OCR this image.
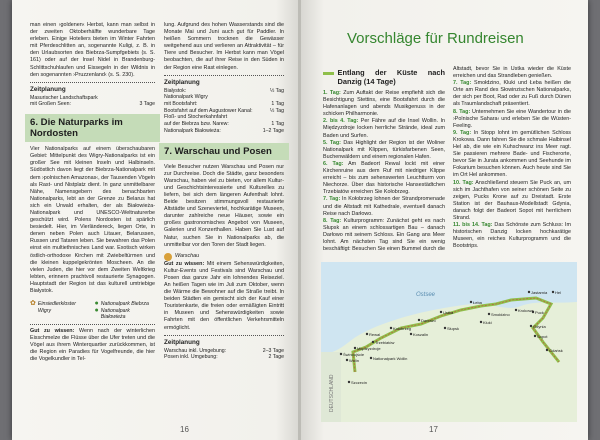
man einen ›goldenen‹ Herbst, kann man selbst in der zweiten Oktoberhälfte wunderbare Tage erleben. Einige Hoteliers bieten im Winter Fahrten mit Pferdeschlitten an, sogenannte Kuligi, z. B. in den Urlaubsorten des Biebrza-Sumpfgebiets (s. S. 161) oder auf der Insel Nidel in Brandenburg-Schlittschuhlaufen und Eissegeln in der Wildnis in den sogenannten ›Pruzzenland‹ (s. S. 230).

Zeitplanung
Masurischer Landschaftspark
mit Großen Seen:	3 Tage
6. Die Naturparks im Nordosten

Vier Nationalparks auf einem überschaubaren Gebiet: Mittelpunkt des Wigry-Nationalparks ist ein großer See mit kleinen Inseln und Halbinseln. Südöstlich davon liegt der Biebrza-Nationalpark mit dem ›polnischen Amazonas‹, der Tausenden Vögeln als Rast- und Nistplatz dient. In ganz unmittelbarer Nähe, Namensgebern des benachbarten Nationalparks, lebt an der Grenze zu Belarus hat sich ein Urwald erhalten, der als Białowieża-Nationalpark und UNESCO-Weltnaturerbe geschützt wird. Polens Nordosten ist spärlich besiedelt. Hier, im Vierländereck, liegen Orte, in denen neben Polen auch Litauer, Belarussen, Russen und Tataren leben. Sie bewahren das Polen einst ein multiethnisches Land war. Exotisch wirken östlich-orthodoxe Kirchen mit Zwiebeltürmen und die kleinen kuppelgekrönten Moscheen. An die vielen Juden, die hier vor dem Zweiten Weltkrieg lebten, erinnern prachtvoll restaurierte Synagogen. Hauptstadt der Region ist das kulturell umtriebige Białystok.

✿ Einsiedlerkloster Wigry
● Nationalpark Biebrza
● Nationalpark Białowieża

Gut zu wissen: Wenn nach der winterlichen Eisschmelze die Flüsse über die Ufer treten und die Vögel aus ihrem Winterquartier zurückkommen, ist die Region ein Paradies für Vogelfreunde, die hier die Vogelkundler in Tel-

lung. Aufgrund des hohen Wasserstands sind die Monate Mai und Juni auch gut für Paddler. In heißen Sommern trocknen die Gewässer weitgehend aus und verlieren an Attraktivität – für Tiere und Besucher. Im Herbst kann man Vögel beobachten, die auf ihrer Reise in den Süden in der Region eine Rast einlegen.

Zeitplanung
Białystok:	½ Tag
Nationalpark Wigry
mit Bootsfahrt:	1 Tag
Bootsfahrt auf dem Augustower Kanal:	½ Tag
Floß- und Stocherkahnfahrt
auf der Biebrza bzw. Narew:	1 Tag
Nationalpark Białowieża:	1–2 Tage
7. Warschau und Posen

Viele Besucher nutzen Warschau und Posen nur zur Durchreise. Doch die Städte, ganz besonders Warschau, haben viel zu bieten, vor allem Kultur- und Geschichtsinteressierte und Kulturelles zu liefern, bei sich dem längeren Aufenthalt lohnt. Beide besitzen stimmungsvoll restaurierte Altstädte und Szeneviertel, hochkarätige Museen, darunter zahlreiche neue Häuser, sowie ein großes gastronomisches Angebot von Museen, Galerien und Konzerthallen. Haben Sie Lust auf Natur, suchen Sie in Nationalparks ab, die unmittelbar vor den Toren der Stadt liegen.

Warschau

Gut zu wissen: Mit einem Sehenswürdigkeiten, Kultur-Events und Festivals sind Warschau und Posen das ganze Jahr ein lohnendes Reiseziel. An heißen Tagen wie im Juli zum Oktober, wenn die Wärme die Bewohner auf die Straße treibt. In beiden Städten ein gemischt sich der Kauf einer Touristenkarte, die freien oder ermäßigten Eintritt in Museen und Sehenswürdigkeiten sowie Fahrten mit den öffentlichen Verkehrsmitteln ermöglicht.

Zeitplanung
Warschau inkl. Umgebung:	2–3 Tage
Posen inkl. Umgebung:	2 Tage
16
Vorschläge für Rundreisen
Entlang der Küste nach Danzig (14 Tage)

1. Tag: Zum Auftakt der Reise empfiehlt sich die Besichtigung Stettins, eine Bootsfahrt durch die Hafenanlagen und abends Musikgenuss in der schicken Philharmonie.

2. bis 4. Tag: Per Fähre auf die Insel Wollin. In Międzyzdroje locken herrliche Strände, ideal zum Baden und Surfen.

5. Tag: Das Highlight der Region ist der Woliner Nationalpark mit Klippen, türkisfarbenen Seen, Buchenwäldern und einem regionalen Hafen.

6. Tag: Am Badeort Rewal lockt mit einer Kirchenruine aus dem Ruf mit niedriger Klippe erreicht – bis zum sehenswerten Leuchtturm von Niechorze. Über das historische Hansestädtchen Trzebiatów erreichen Sie Kołobrzeg.

7. Tag: In Kołobrzeg lohnen der Strandpromenade und die Altstadt mit Kathedrale, eventuell danach Reise nach Darłowo.

8. Tag: Kulturprogramm: Zunächst geht es nach Słupsk an einem schlossartigen Bau – danach Darłowo mit seinem Schloss. Ein Gang ans Meer lohnt. Am nächsten Tag sind Sie ein wenig beschäftigt: Besuchen Sie einen Bummel durch die

Altstadt, bevor Sie in Ustka wieder die Küste erreichen und das Strandleben genießen.

7. Tag: Smołdzino, Kluki und Łeba heißen die Orte am Rand des Słowinzischen Nationalparks, der sich per Boot, Rad oder zu Fuß durch Dünen als Traumlandschaft präsentiert.

8. Tag: Unternehmen Sie eine Wandertour in die ›Polnische Sahara‹ und erleben Sie die Wüsten-Feeling.

9. Tag: In Stopp lohnt im gemütlichen Schloss Krokowa. Dann fahren Sie die schmale Halbinsel Hel ab, die wie ein Kuhschwanz ins Meer ragt. Sie passieren mehrere Bade- und Fischerorte, bevor Sie in Jurata ankommen und Seehunde im Fokarium besuchen können. Auch heute sind Sie im Ort Hel ankommen.

10. Tag: Anschließend steuern Sie Puck an, um sich im Jachthafen von seiner schönen Seite zu zeigen, Pucks Krone auf zu Dreistadt. Erste Station ist der Bauhaus-Modellstadt Gdynia, danach folgt der Badeort Sopot mit herrlichem Strand.

11. bis 14. Tag: Das Schönste zum Schluss: Im historischen Danzig locken hochkarätige Museen, ein reiches Kulturprogramm und die Bootstrips.

DEUTSCHLAND
Ostsee
Łeba
Smołdzino
Kluki
Jastarnia Hel
Puck
Krokowa
Gdynia
Sopot
Gdańsk
Ustka
Słupsk
Darłowo
Koszalin
Kołobrzeg
Trzebiatów
Rewal
Międzyzdroje
Wolin
Szczecin
Świnoujście
Nationalpark Wollin
17
